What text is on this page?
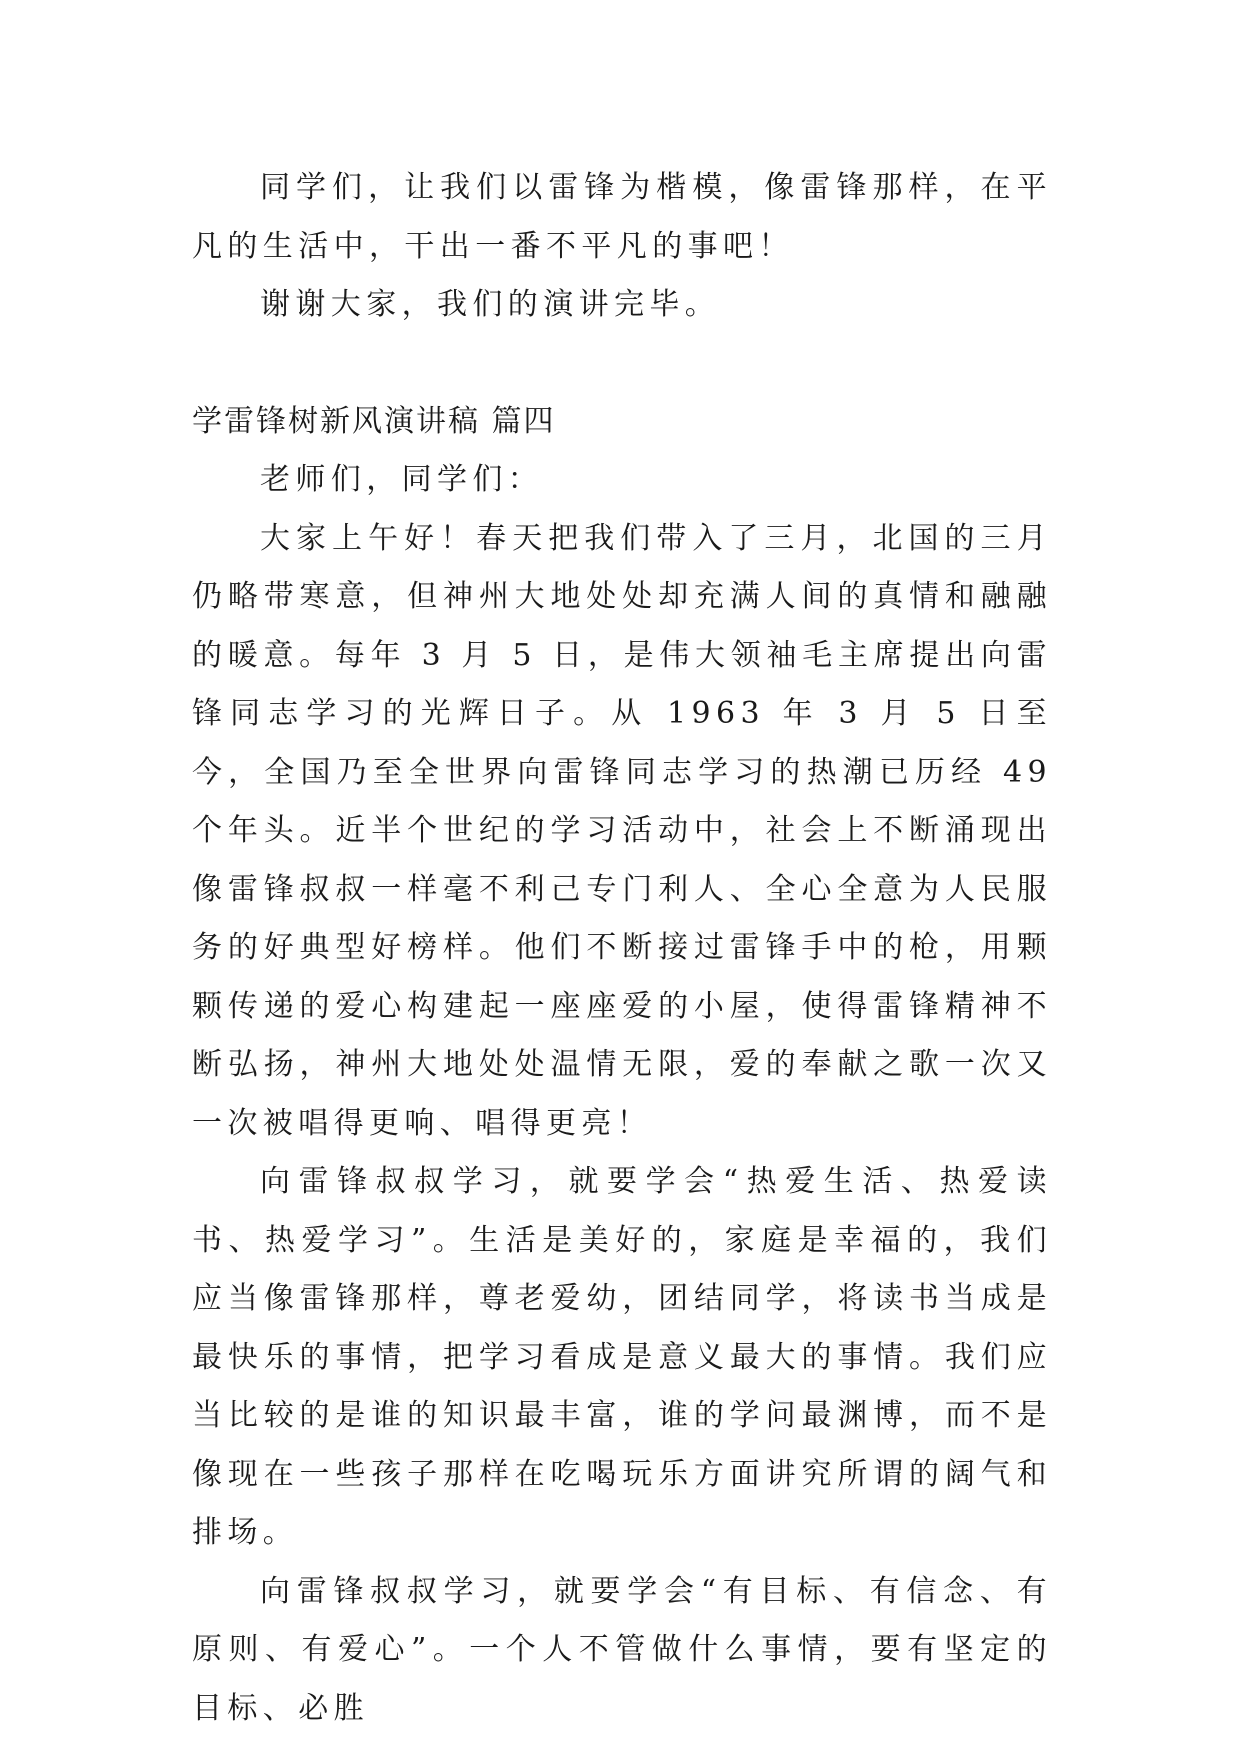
同学们，让我们以雷锋为楷模，像雷锋那样，在平凡的生活中，干出一番不平凡的事吧！

谢谢大家，我们的演讲完毕。

学雷锋树新风演讲稿 篇四

老师们，同学们：

大家上午好！春天把我们带入了三月，北国的三月仍略带寒意，但神州大地处处却充满人间的真情和融融的暖意。每年 3 月 5 日，是伟大领袖毛主席提出向雷锋同志学习的光辉日子。从 1963 年 3 月 5 日至今，全国乃至全世界向雷锋同志学习的热潮已历经 49 个年头。近半个世纪的学习活动中，社会上不断涌现出像雷锋叔叔一样毫不利己专门利人、全心全意为人民服务的好典型好榜样。他们不断接过雷锋手中的枪，用颗颗传递的爱心构建起一座座爱的小屋，使得雷锋精神不断弘扬，神州大地处处温情无限，爱的奉献之歌一次又一次被唱得更响、唱得更亮！

向雷锋叔叔学习，就要学会“热爱生活、热爱读书、热爱学习”。生活是美好的，家庭是幸福的，我们应当像雷锋那样，尊老爱幼，团结同学，将读书当成是最快乐的事情，把学习看成是意义最大的事情。我们应当比较的是谁的知识最丰富，谁的学问最渊博，而不是像现在一些孩子那样在吃喝玩乐方面讲究所谓的阔气和排场。

向雷锋叔叔学习，就要学会“有目标、有信念、有原则、有爱心”。一个人不管做什么事情，要有坚定的目标、必胜
